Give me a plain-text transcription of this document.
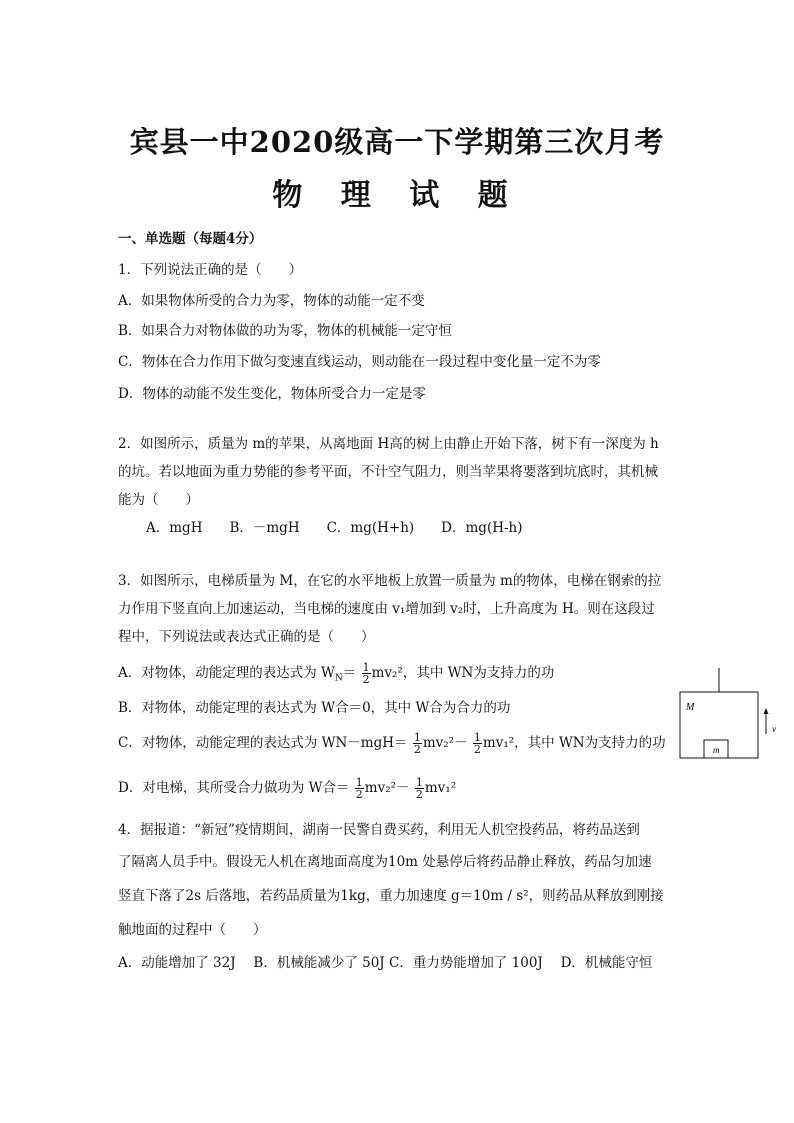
宾县一中2020级高一下学期第三次月考
物 理 试 题
一、单选题（每题4分）
1．下列说法正确的是（　　）
A．如果物体所受的合力为零，物体的动能一定不变
B．如果合力对物体做的功为零，物体的机械能一定守恒
C．物体在合力作用下做匀变速直线运动，则动能在一段过程中变化量一定不为零
D．物体的动能不发生变化，物体所受合力一定是零
2．如图所示，质量为 m的苹果，从离地面 H高的树上由静止开始下落，树下有一深度为 h
的坑。若以地面为重力势能的参考平面，不计空气阻力，则当苹果将要落到坑底时，其机械
能为（　　）
A．mgH　　B．－mgH　　C．mg(H+h)　　D．mg(H-h)
3．如图所示，电梯质量为 M，在它的水平地板上放置一质量为 m的物体，电梯在钢索的拉
力作用下竖直向上加速运动，当电梯的速度由 v₁增加到 v₂时，上升高度为 H。则在这段过
程中，下列说法或表达式正确的是（　　）
A．对物体，动能定理的表达式为 $W_N= \frac{1}{2} mv_2^2$，其中 WN为支持力的功
B．对物体，动能定理的表达式为 W合＝0，其中 W合为合力的功
C．对物体，动能定理的表达式为 $WN-mgH= \frac{1}{2} mv_2^2- \frac{1}{2} mv_1^2$，其中 WN为支持力的功
D．对电梯，其所受合力做功为 W合＝ $\frac{1}{2} mv_2^2- \frac{1}{2} mv_1^2$
M
m
v
4．据报道：“新冠”疫情期间，湖南一民警自费买药，利用无人机空投药品，将药品送到
了隔离人员手中。假设无人机在离地面高度为10m 处悬停后将药品静止释放，药品匀加速
竖直下落了2s 后落地，若药品质量为1kg，重力加速度 g＝10m / s²，则药品从释放到刚接
触地面的过程中（　　）
A．动能增加了 32J　 B．机械能减少了 50J C．重力势能增加了 100J　 D．机械能守恒
